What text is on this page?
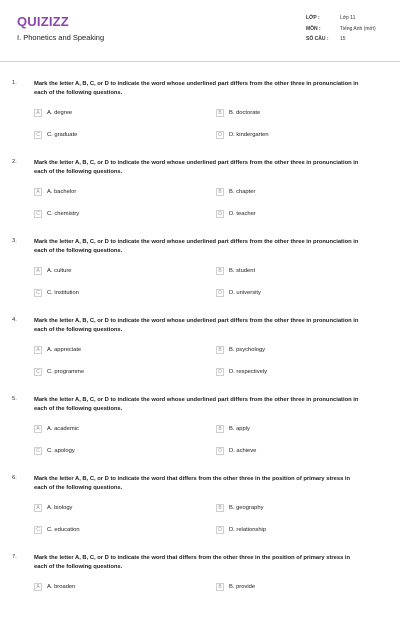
QUIZIZZ
I. Phonetics and Speaking
LỚP :	Lớp 11
MÔN :	Tiếng Anh (mới)
SỐ CÂU :	15
1.	Mark the letter A, B, C, or D to indicate the word whose underlined part differs from the other three in pronunciation in each of the following questions.
A	A. degree	B	B. doctorate
C	C. graduate	D	D. kindergarten
2.	Mark the letter A, B, C, or D to indicate the word whose underlined part differs from the other three in pronunciation in each of the following questions.
A	A. bachelor	B	B. chapter
C	C. chemistry	D	D. teacher
3.	Mark the letter A, B, C, or D to indicate the word whose underlined part differs from the other three in pronunciation in each of the following questions.
A	A. culture	B	B. student
C	C. institution	D	D. university
4.	Mark the letter A, B, C, or D to indicate the word whose underlined part differs from the other three in pronunciation in each of the following questions.
A	A. appreciate	B	B. psychology
C	C. programme	D	D. respectively
5.	Mark the letter A, B, C, or D to indicate the word whose underlined part differs from the other three in pronunciation in each of the following questions.
A	A. academic	B	B. apply
C	C. apology	D	D. achieve
6.	Mark the letter A, B, C, or D to indicate the word that differs from the other three in the position of primary stress in each of the following questions.
A	A. biology	B	B. geography
C	C. education	D	D. relationship
7.	Mark the letter A, B, C, or D to indicate the word that differs from the other three in the position of primary stress in each of the following questions.
A	A. broaden	B	B. provide
